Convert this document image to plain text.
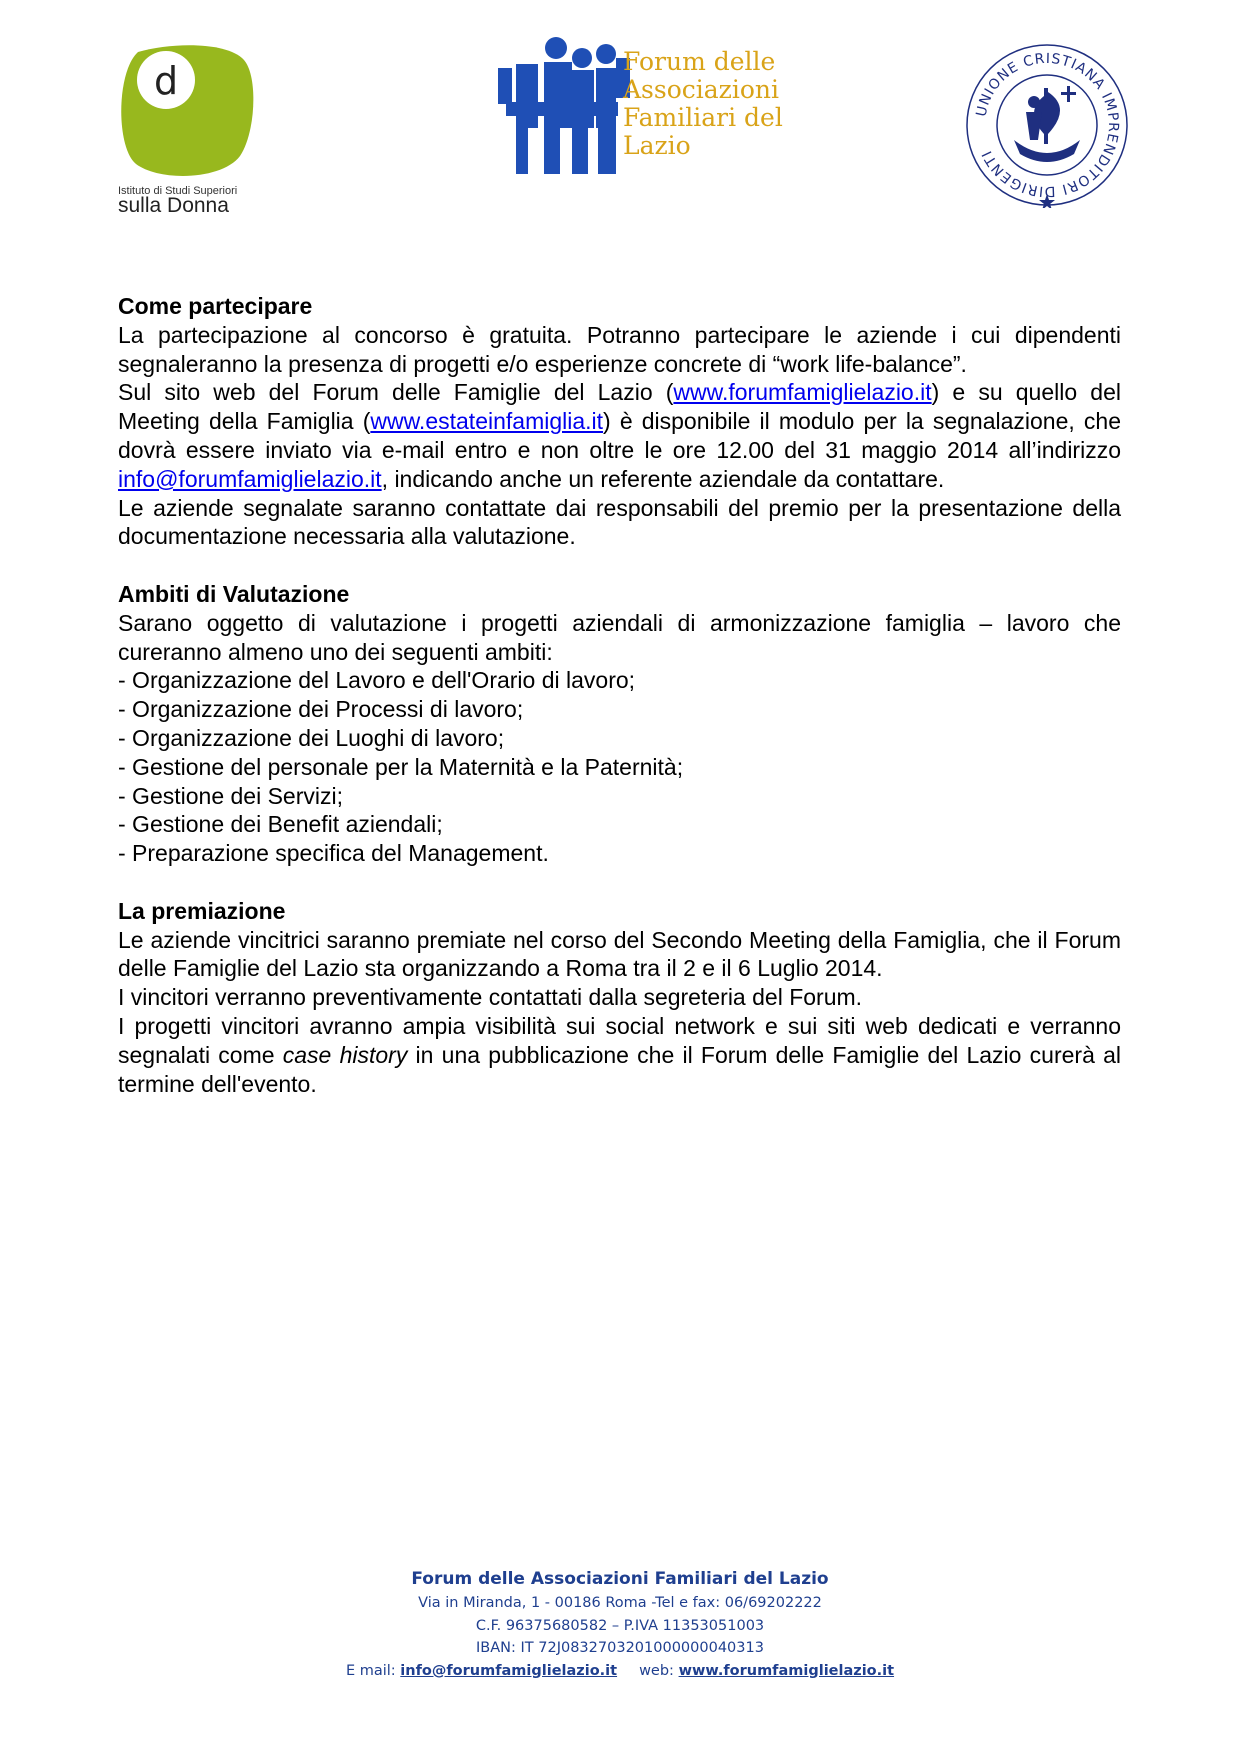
d
Istituto di Studi Superiori
sulla Donna
Forum delle
Associazioni
Familiari del
Lazio
UNIONE CRISTIANA IMPRENDITORI DIRIGENTI
Come partecipare

La partecipazione al concorso è gratuita. Potranno partecipare le aziende i cui dipendenti segnaleranno la presenza di progetti e/o esperienze concrete di “work life-balance”.

Sul sito web del Forum delle Famiglie del Lazio (www.forumfamiglielazio.it) e su quello del Meeting della Famiglia (www.estateinfamiglia.it) è disponibile il modulo per la segnalazione, che dovrà essere inviato via e-mail entro e non oltre le ore 12.00 del 31 maggio 2014 all’indirizzo info@forumfamiglielazio.it, indicando anche un referente aziendale da contattare.

Le aziende segnalate saranno contattate dai responsabili del premio per la presentazione della documentazione necessaria alla valutazione.

Ambiti di Valutazione

Sarano oggetto di valutazione i progetti aziendali di armonizzazione famiglia – lavoro che cureranno almeno uno dei seguenti ambiti:

- Organizzazione del Lavoro e dell'Orario di lavoro;
- Organizzazione dei Processi di lavoro;
- Organizzazione dei Luoghi di lavoro;
- Gestione del personale per la Maternità e la Paternità;
- Gestione dei Servizi;
- Gestione dei Benefit aziendali;
- Preparazione specifica del Management.
La premiazione

Le aziende vincitrici saranno premiate nel corso del Secondo Meeting della Famiglia, che il Forum delle Famiglie del Lazio sta organizzando a Roma tra il 2 e il 6 Luglio 2014.

I vincitori verranno preventivamente contattati dalla segreteria del Forum.

I progetti vincitori avranno ampia visibilità sui social network e sui siti web dedicati e verranno segnalati come case history in una pubblicazione che il Forum delle Famiglie del Lazio curerà al termine dell'evento.

Forum delle Associazioni Familiari del Lazio
Via in Miranda, 1 - 00186 Roma -Tel e fax: 06/69202222
C.F. 96375680582 – P.IVA 11353051003
IBAN: IT 72J0832703201000000040313
E mail: info@forumfamiglielazio.it web: www.forumfamiglielazio.it
